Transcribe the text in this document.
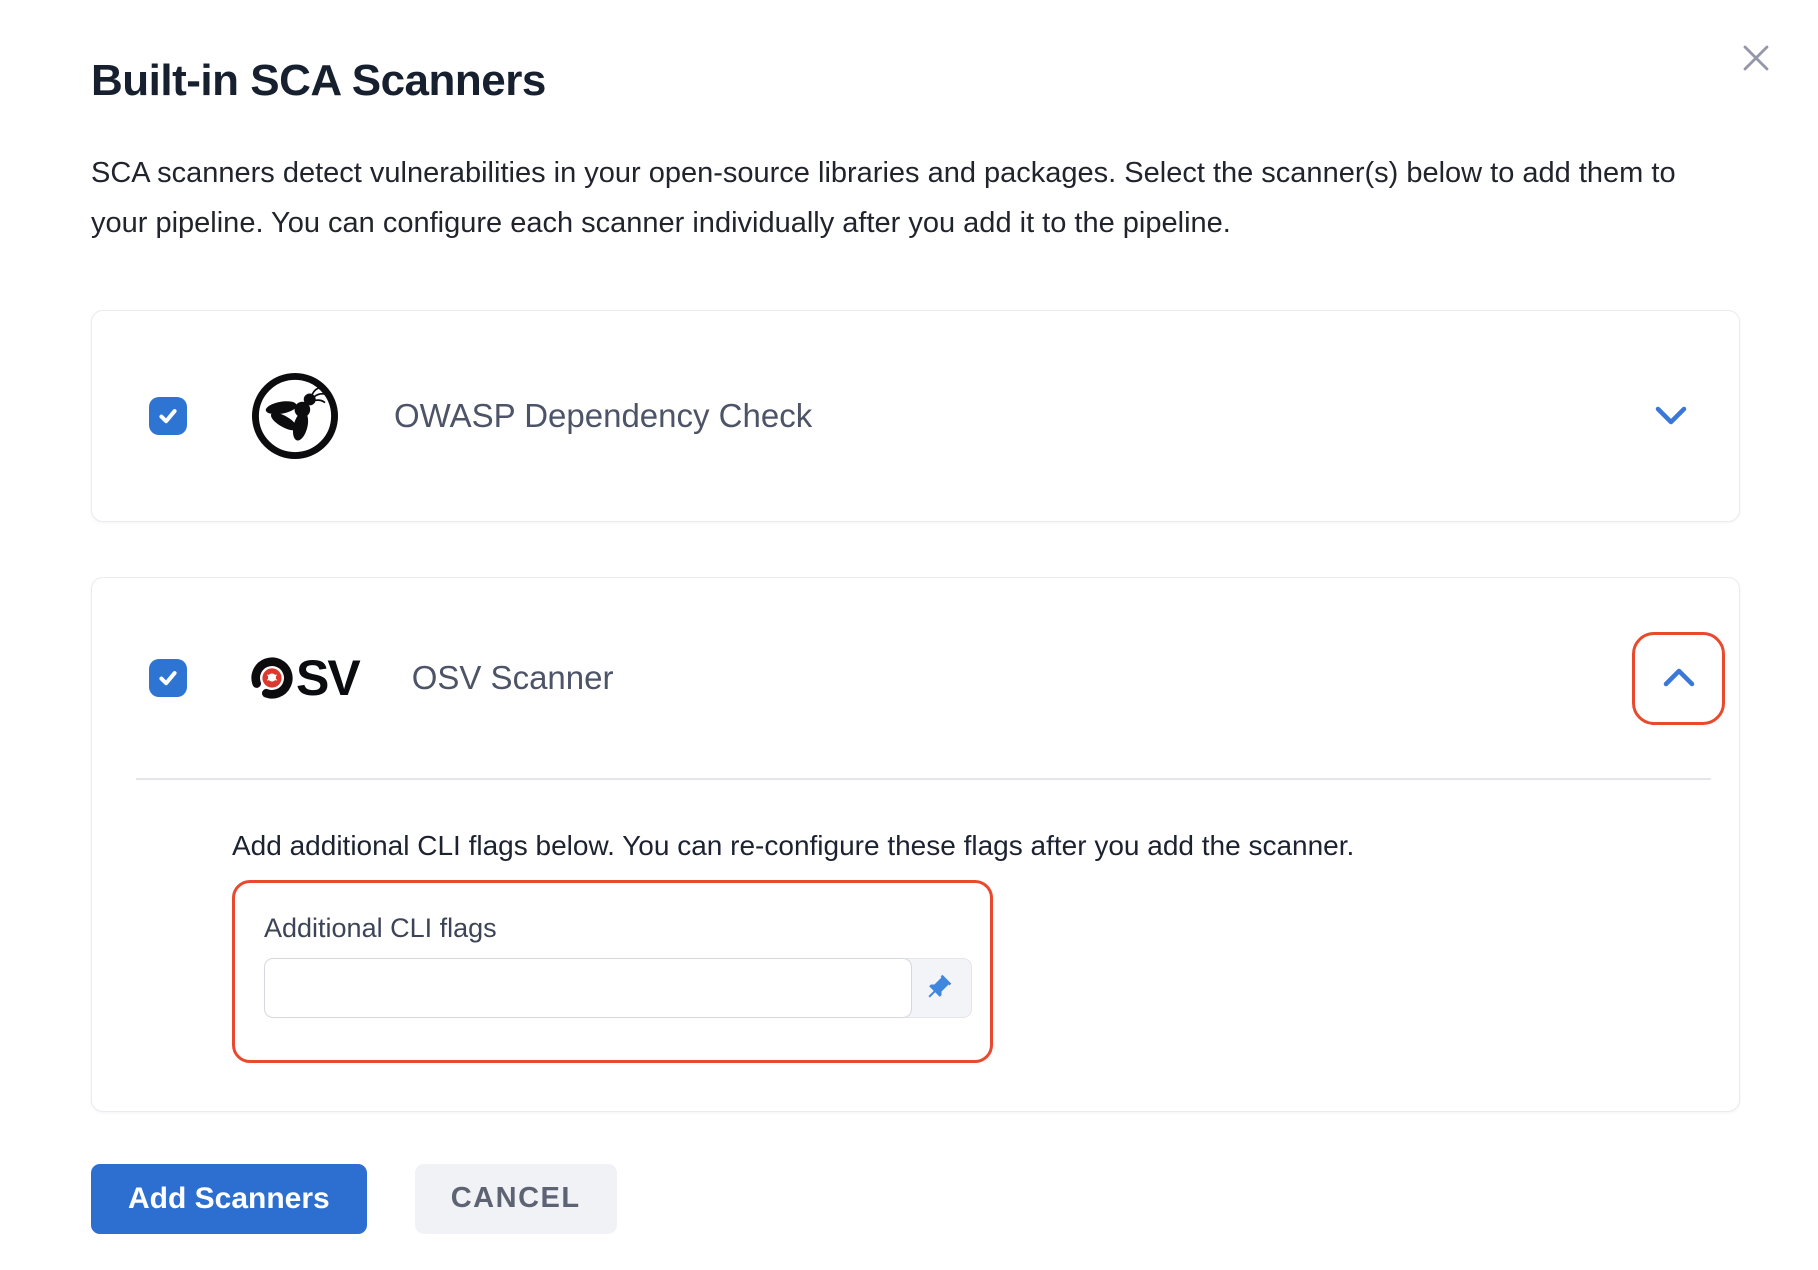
Built-in SCA Scanners

SCA scanners detect vulnerabilities in your open-source libraries and packages. Select the scanner(s) below to add them to your pipeline. You can configure each scanner individually after you add it to the pipeline.

OWASP Dependency Check
SV OSV Scanner

Add additional CLI flags below. You can re-configure these flags after you add the scanner.

Additional CLI flags
Add Scanners	CANCEL
